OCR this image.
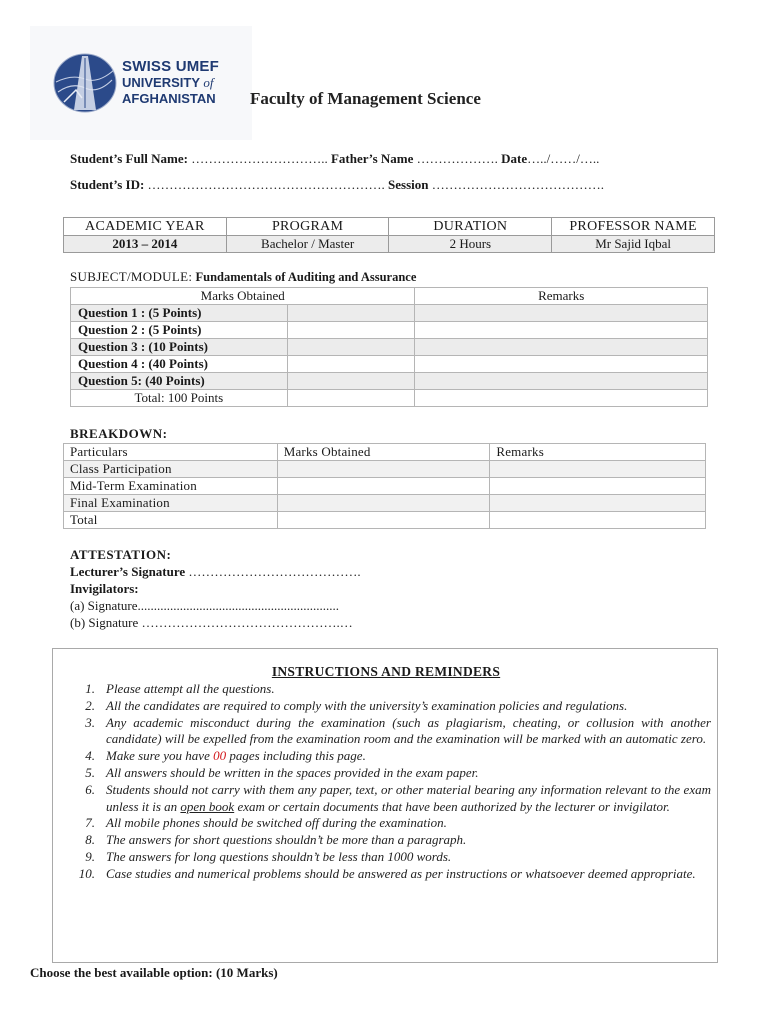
SWISS UMEF
UNIVERSITY of
AFGHANISTAN Faculty of Management Science
Student’s Full Name: ………………………….. Father’s Name ………………. Date…../……/…..
Student’s ID: ………………………………………………. Session ………………………………….
ACADEMIC YEAR	PROGRAM	DURATION	PROFESSOR NAME
2013 – 2014	Bachelor / Master	2 Hours	Mr Sajid Iqbal
SUBJECT/MODULE: Fundamentals of Auditing and Assurance
Marks Obtained		Remarks
Question 1 : (5 Points)		
Question 2 : (5 Points)		
Question 3 : (10 Points)		
Question 4 : (40 Points)		
Question 5: (40 Points)		
Total: 100 Points		
BREAKDOWN:
Particulars	Marks Obtained	Remarks
Class Participation		
Mid-Term Examination		
Final Examination		
Total		
ATTESTATION:
Lecturer’s Signature ………………………………….
Invigilators:
(a) Signature..............................................................
(b) Signature ……………………………………….…
INSTRUCTIONS AND REMINDERS
1. Please attempt all the questions.
2. All the candidates are required to comply with the university’s examination policies and regulations.
3. Any academic misconduct during the examination (such as plagiarism, cheating, or collusion with another candidate) will be expelled from the examination room and the examination will be marked with an automatic zero.
4. Make sure you have 00 pages including this page.
5. All answers should be written in the spaces provided in the exam paper.
6. Students should not carry with them any paper, text, or other material bearing any information relevant to the exam unless it is an open book exam or certain documents that have been authorized by the lecturer or invigilator.
7. All mobile phones should be switched off during the examination.
8. The answers for short questions shouldn’t be more than a paragraph.
9. The answers for long questions shouldn’t be less than 1000 words.
10. Case studies and numerical problems should be answered as per instructions or whatsoever deemed appropriate.
Choose the best available option: (10 Marks)
